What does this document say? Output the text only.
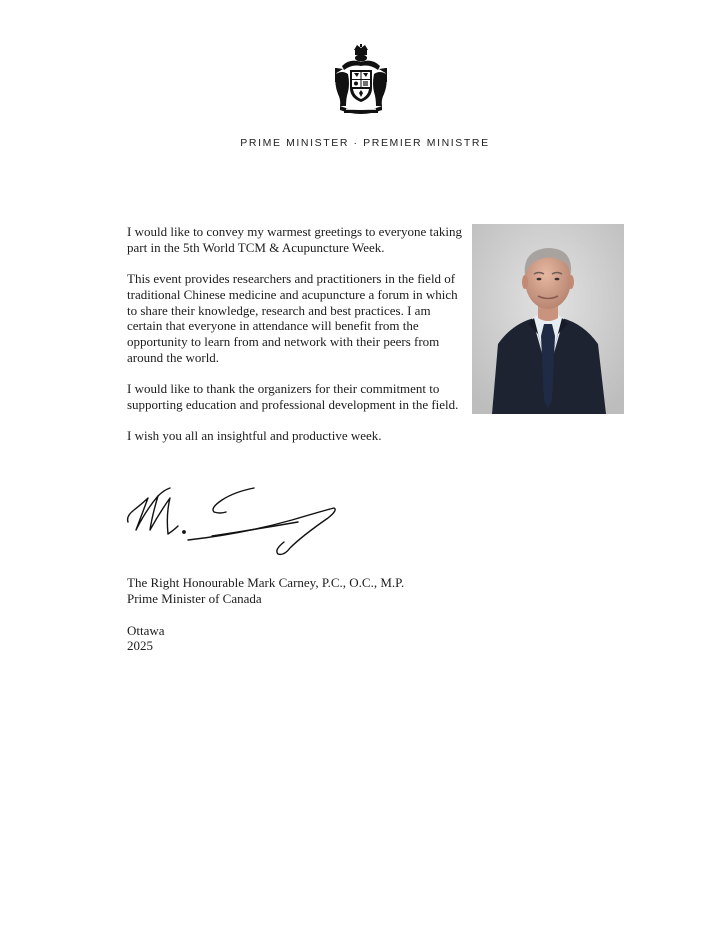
PRIME MINISTER · PREMIER MINISTRE

I would like to convey my warmest greetings to everyone taking part in the 5th World TCM & Acupuncture Week.

This event provides researchers and practitioners in the field of traditional Chinese medicine and acupuncture a forum in which to share their knowledge, research and best practices. I am certain that everyone in attendance will benefit from the opportunity to learn from and network with their peers from around the world.

I would like to thank the organizers for their commitment to supporting education and professional development in the field.

I wish you all an insightful and productive week.

The Right Honourable Mark Carney, P.C., O.C., M.P.
Prime Minister of Canada
Ottawa
2025
